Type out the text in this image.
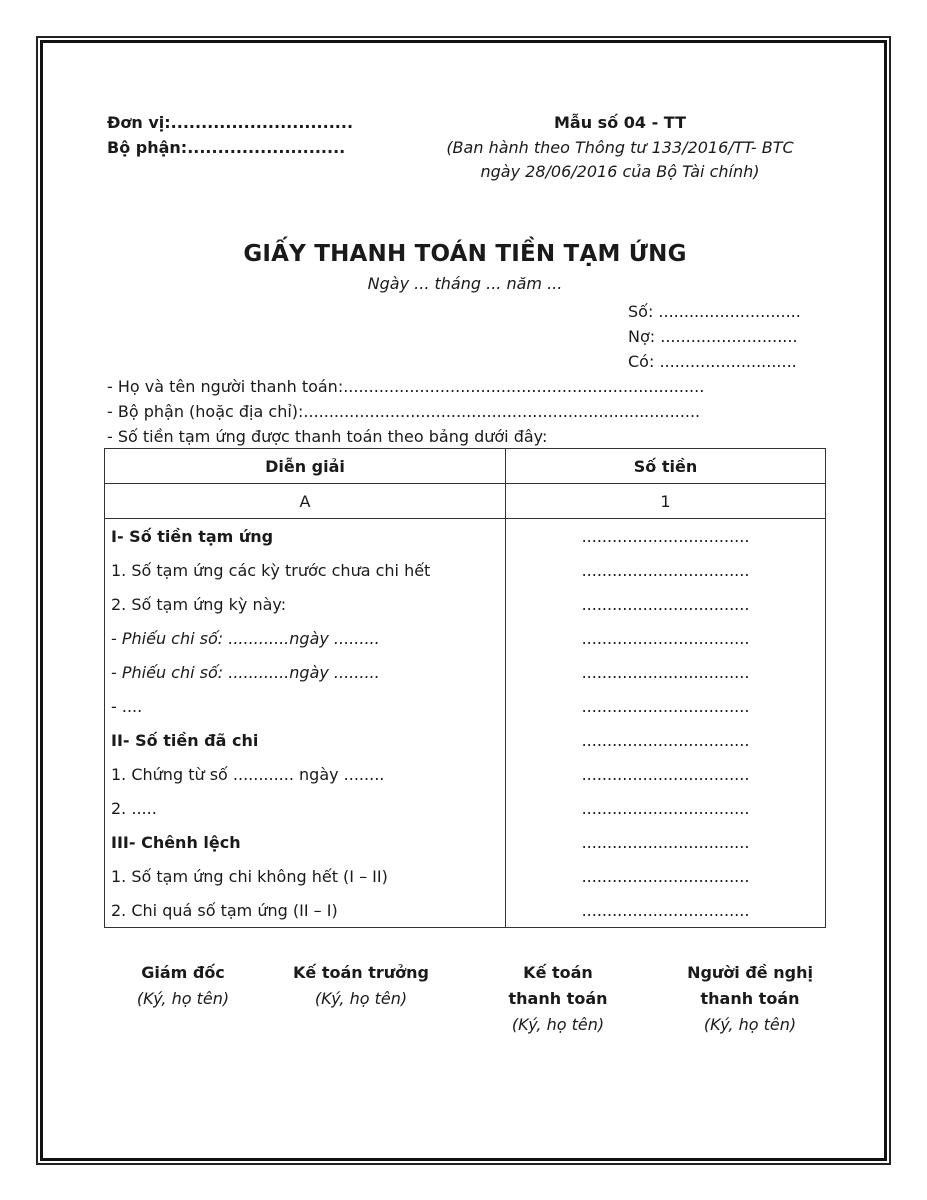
Đơn vị:..............................
Bộ phận:..........................
Mẫu số 04 - TT
(Ban hành theo Thông tư 133/2016/TT- BTC
ngày 28/06/2016 của Bộ Tài chính)
GIẤY THANH TOÁN TIỀN TẠM ỨNG
Ngày ... tháng ... năm ...
Số: ............................
Nợ: ...........................
Có: ...........................
- Họ và tên người thanh toán:.......................................................................
- Bộ phận (hoặc địa chỉ):..............................................................................
- Số tiền tạm ứng được thanh toán theo bảng dưới đây:
Diễn giải	Số tiền
A	1
I- Số tiền tạm ứng	.................................
1. Số tạm ứng các kỳ trước chưa chi hết	.................................
2. Số tạm ứng kỳ này:	.................................
- Phiếu chi số: ............ngày .........	.................................
- Phiếu chi số: ............ngày .........	.................................
- ....	.................................
II- Số tiền đã chi	.................................
1. Chứng từ số ............ ngày ........	.................................
2. .....	.................................
III- Chênh lệch	.................................
1. Số tạm ứng chi không hết (I – II)	.................................
2. Chi quá số tạm ứng (II – I)	.................................
Giám đốc
(Ký, họ tên)
Kế toán trưởng
(Ký, họ tên)
Kế toán
thanh toán
(Ký, họ tên)
Người đề nghị
thanh toán
(Ký, họ tên)
